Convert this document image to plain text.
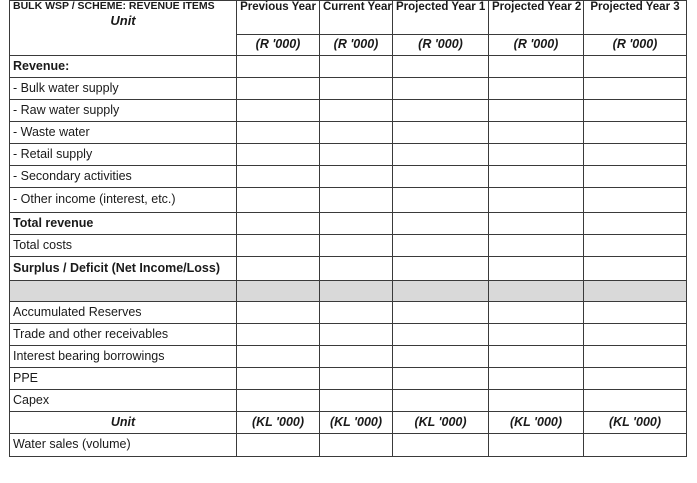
BULK WSP / SCHEME: REVENUE ITEMS
Unit	Previous Year	Current Year	Projected Year 1	Projected Year 2	Projected Year 3
	(R '000)	(R '000)	(R '000)	(R '000)	(R '000)
Revenue:					
- Bulk water supply					
- Raw water supply					
- Waste water					
- Retail supply					
- Secondary activities					
- Other income (interest, etc.)					
Total revenue					
Total costs					
Surplus / Deficit (Net Income/Loss)					

Accumulated Reserves					
Trade and other receivables					
Interest bearing borrowings					
PPE					
Capex					
Unit	(KL '000)	(KL '000)	(KL '000)	(KL '000)	(KL '000)
Water sales (volume)					
